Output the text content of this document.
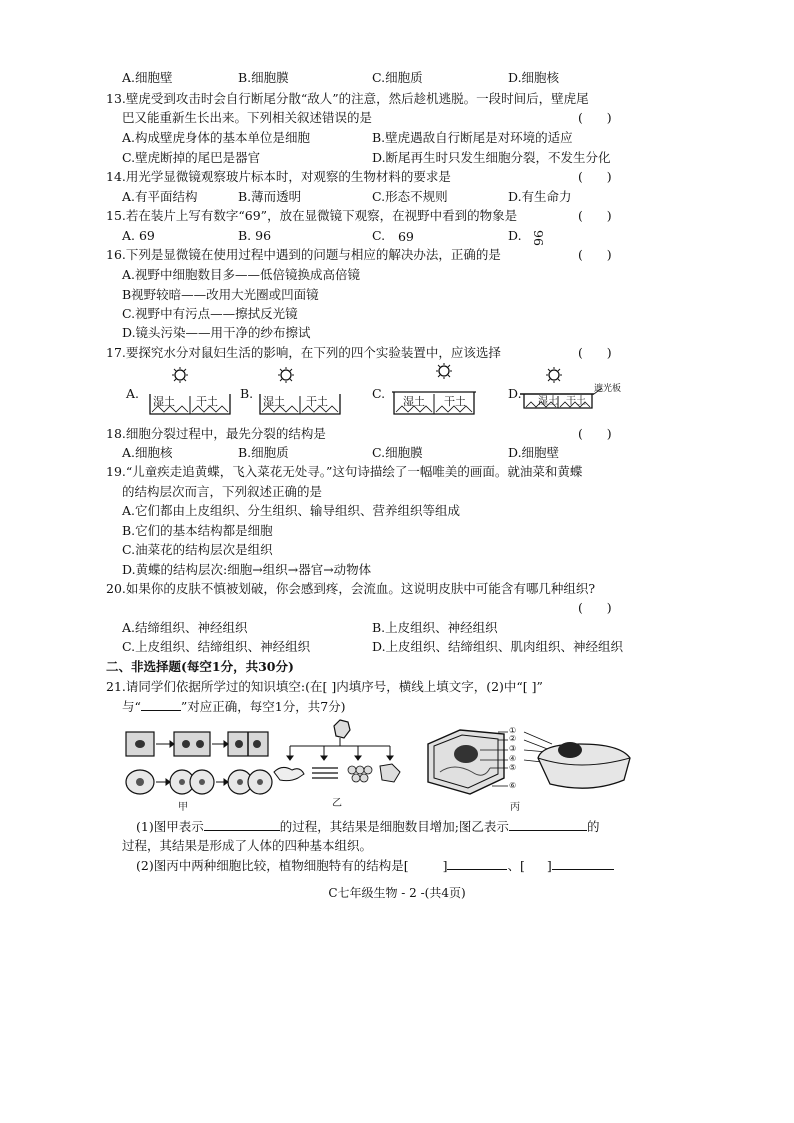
A.细胞壁	B.细胞膜	C.细胞质	D.细胞核
13.壁虎受到攻击时会自行断尾分散“敌人”的注意，然后趁机逃脱。一段时间后，壁虎尾
巴又能重新生长出来。下列相关叙述错误的是	(      )
A.构成壁虎身体的基本单位是细胞	B.壁虎遇敌自行断尾是对环境的适应
C.壁虎断掉的尾巴是器官	D.断尾再生时只发生细胞分裂，不发生分化
14.用光学显微镜观察玻片标本时，对观察的生物材料的要求是	(      )
A.有平面结构	B.薄而透明	C.形态不规则	D.有生命力
15.若在装片上写有数字“69”，放在显微镜下观察，在视野中看到的物象是	(      )
A. 69	B. 96	C. 69	D. 96
16.下列是显微镜在使用过程中遇到的问题与相应的解决办法，正确的是	(      )
A.视野中细胞数目多——低倍镜换成高倍镜
B视野较暗——改用大光圈或凹面镜
C.视野中有污点——擦拭反光镜
D.镜头污染——用干净的纱布擦试
17.要探究水分对鼠妇生活的影响，在下列的四个实验装置中，应该选择	(      )
A.
湿土 干土
B.
湿土 干土
C.
湿土 干土
D.	遮光板
湿土 干土
18.细胞分裂过程中，最先分裂的结构是	(      )
A.细胞核	B.细胞质	C.细胞膜	D.细胞壁
19.“儿童疾走追黄蝶，飞入菜花无处寻。”这句诗描绘了一幅唯美的画面。就油菜和黄蝶
的结构层次而言，下列叙述正确的是
A.它们都由上皮组织、分生组织、输导组织、营养组织等组成
B.它们的基本结构都是细胞
C.油菜花的结构层次是组织
D.黄蝶的结构层次:细胞→组织→器官→动物体
20.如果你的皮肤不慎被划破，你会感到疼，会流血。这说明皮肤中可能含有哪几种组织?
(      )
A.结缔组织、神经组织	B.上皮组织、神经组织
C.上皮组织、结缔组织、神经组织	D.上皮组织、结缔组织、肌肉组织、神经组织
二、非选择题(每空1分，共30分)
21.请同学们依据所学过的知识填空:(在[ ]内填序号，横线上填文字，(2)中“[ ]”
与“	”对应正确，每空1分，共7分)
甲	乙
①
②
③
④
⑤
⑥
丙
(1)图甲表示	的过程，其结果是细胞数目增加;图乙表示	的
过程，其结果是形成了人体的四种基本组织。
(2)图丙中两种细胞比较，植物细胞特有的结构是[	]	、[ ]
C七年级生物 - 2 -(共4页)
